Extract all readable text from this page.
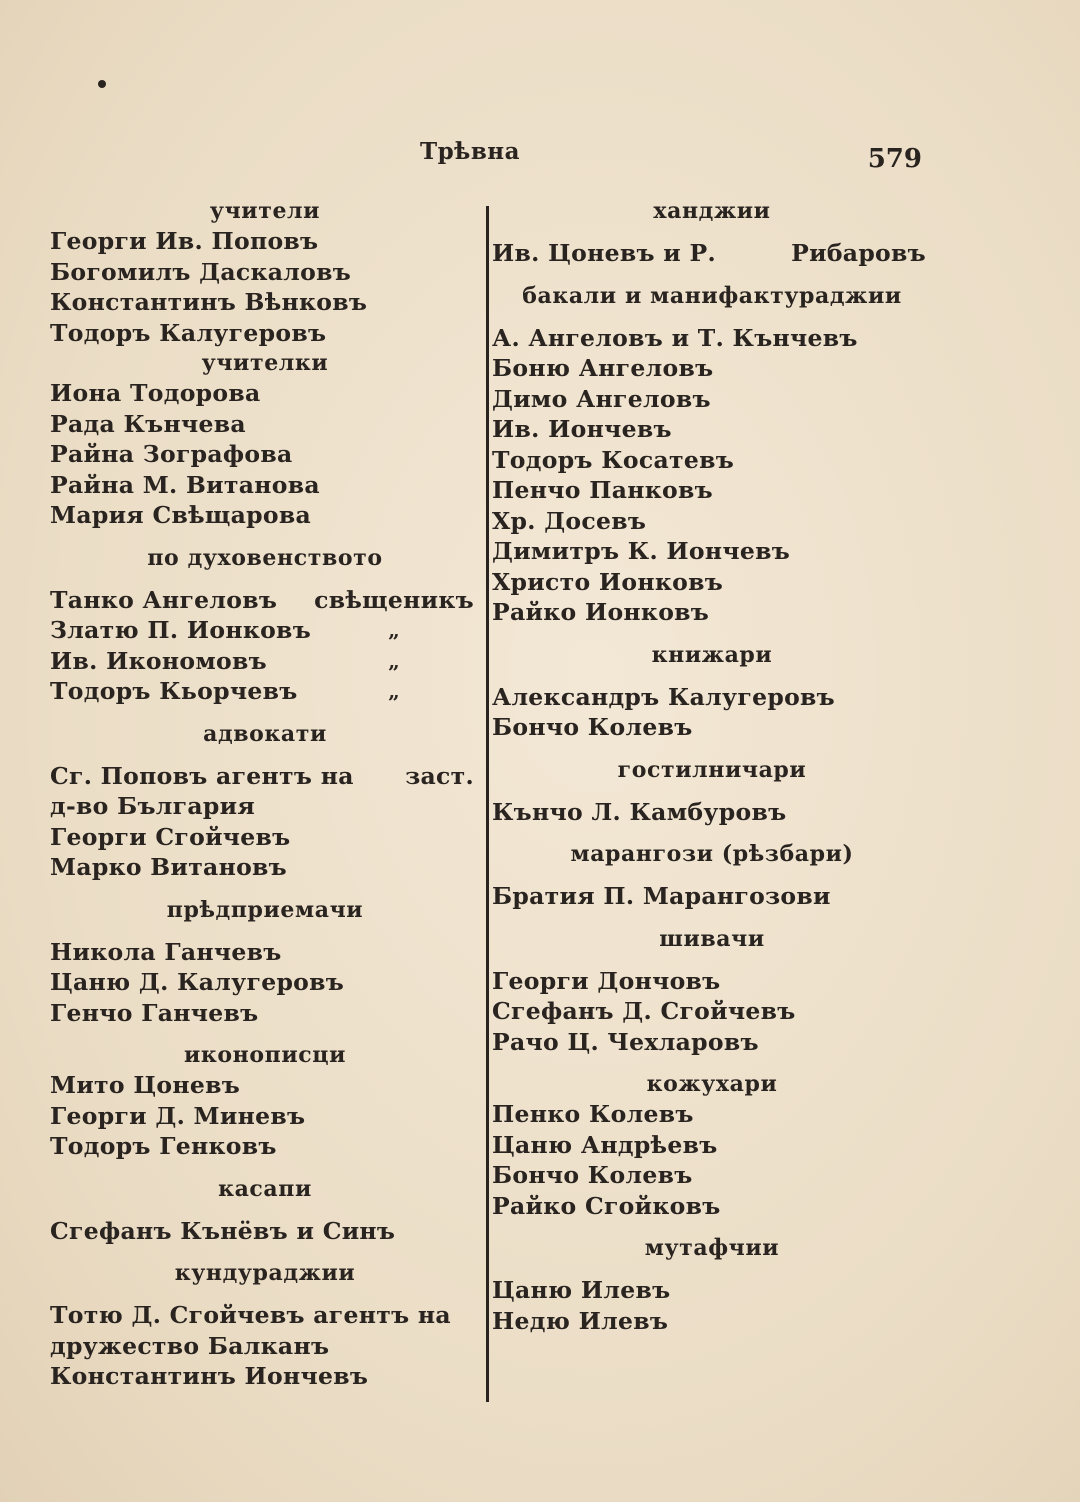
Трѣвна	579
учители
Георги Ив. Поповъ
Богомилъ Даскаловъ
Константинъ Вѣнковъ
Тодоръ Калугеровъ
учителки
Иона Тодорова
Рада Кънчева
Райна Зографова
Райна М. Витанова
Мария Свѣщарова
по духовенството
Танко Ангеловъ свѣщеникъ
Златю П. Ионковъ	„
Ив. Икономовъ	„
Тодоръ Кьорчевъ	„
адвокати
Сг. Поповъ агентъ на заст.
д-во България
Георги Сгойчевъ
Марко Витановъ
прѣдприемачи
Никола Ганчевъ
Цаню Д. Калугеровъ
Генчо Ганчевъ
иконописци
Мито Цоневъ
Георги Д. Миневъ
Тодоръ Генковъ
касапи
Сгефанъ Кънёвъ и Синъ
кундураджии
Тотю Д. Сгойчевъ агентъ на
дружество Балканъ
Константинъ Иончевъ
ханджии
Ив. Цоневъ и Р.	Рибаровъ
бакали и манифактураджии
А. Ангеловъ и Т. Кънчевъ
Боню Ангеловъ
Димо Ангеловъ
Ив. Иончевъ
Тодоръ Косатевъ
Пенчо Панковъ
Хр. Досевъ
Димитръ К. Иончевъ
Христо Ионковъ
Райко Ионковъ
книжари
Александръ Калугеровъ
Бончо Колевъ
гостилничари
Кънчо Л. Камбуровъ
марангози (рѣзбари)
Братия П. Марангозови
шивачи
Георги Дончовъ
Сгефанъ Д. Сгойчевъ
Рачо Ц. Чехларовъ
кожухари
Пенко Колевъ
Цаню Андрѣевъ
Бончо Колевъ
Райко Сгойковъ
мутафчии
Цаню Илевъ
Недю Илевъ
